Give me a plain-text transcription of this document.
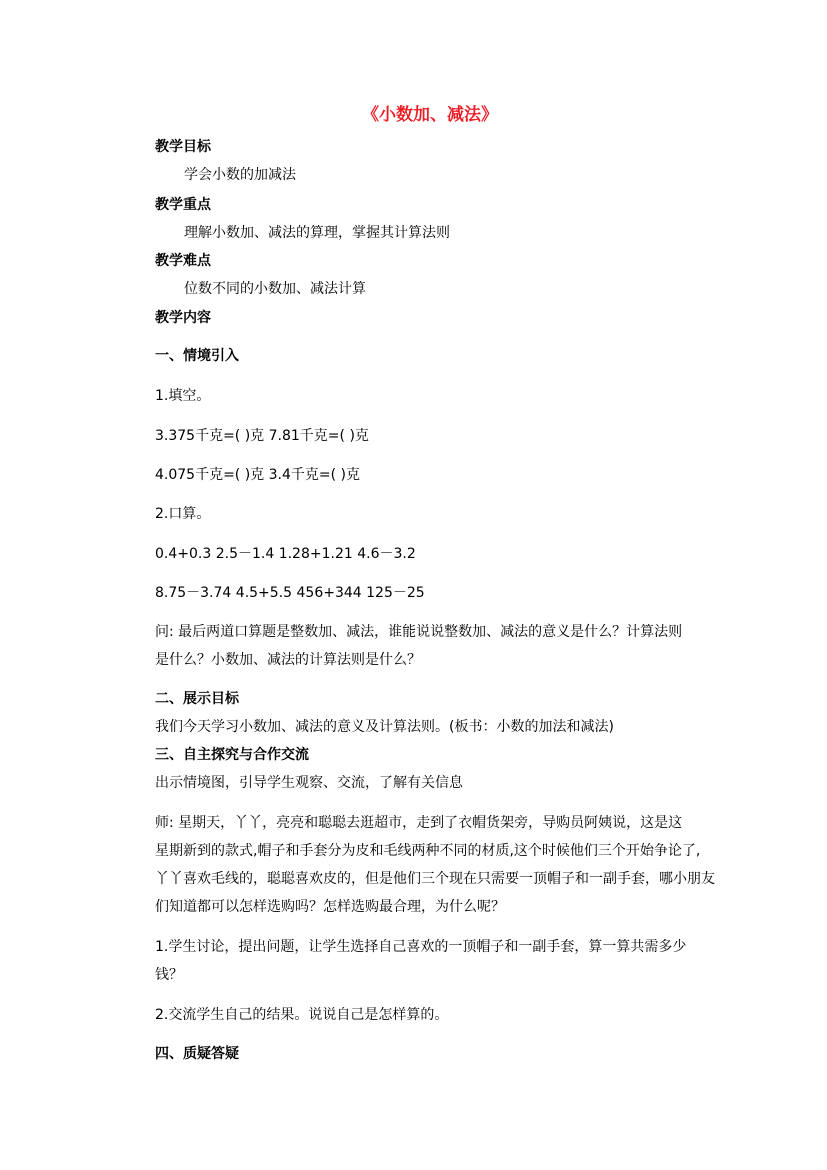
《小数加、减法》
教学目标
学会小数的加减法
教学重点
理解小数加、减法的算理，掌握其计算法则
教学难点
位数不同的小数加、减法计算
教学内容
一、情境引入
1.填空。
3.375千克=( )克 7.81千克=( )克
4.075千克=( )克 3.4千克=( )克
2.口算。
0.4+0.3 2.5－1.4 1.28+1.21 4.6－3.2
8.75－3.74 4.5+5.5 456+344 125－25
问: 最后两道口算题是整数加、减法，谁能说说整数加、减法的意义是什么？计算法则
是什么？小数加、减法的计算法则是什么？
二、展示目标
我们今天学习小数加、减法的意义及计算法则。(板书：小数的加法和减法)
三、自主探究与合作交流
出示情境图，引导学生观察、交流，了解有关信息
师: 星期天，丫丫，亮亮和聪聪去逛超市，走到了衣帽货架旁，导购员阿姨说，这是这
星期新到的款式,帽子和手套分为皮和毛线两种不同的材质,这个时候他们三个开始争论了,
丫丫喜欢毛线的，聪聪喜欢皮的，但是他们三个现在只需要一顶帽子和一副手套，哪小朋友
们知道都可以怎样选购吗？怎样选购最合理，为什么呢？
1.学生讨论，提出问题，让学生选择自己喜欢的一顶帽子和一副手套，算一算共需多少
钱？
2.交流学生自己的结果。说说自己是怎样算的。
四、质疑答疑
